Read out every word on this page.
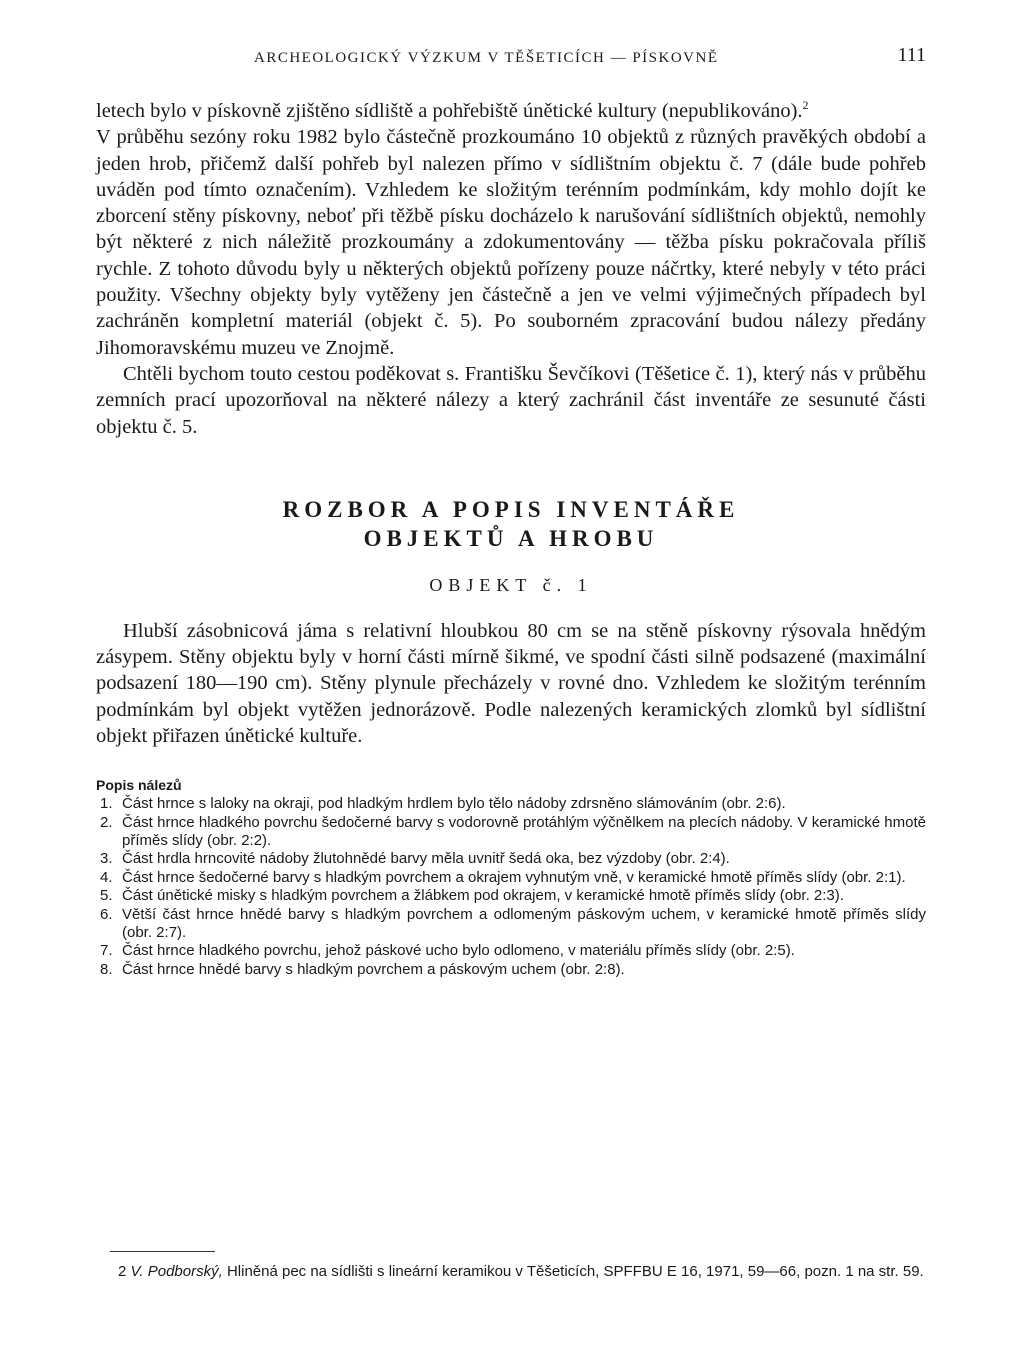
ARCHEOLOGICKÝ VÝZKUM V TĚŠETICÍCH — PÍSKOVNĚ	111

letech bylo v pískovně zjištěno sídliště a pohřebiště únětické kultury (nepublikováno).$^2$

V průběhu sezóny roku 1982 bylo částečně prozkoumáno 10 objektů z různých pravěkých období a jeden hrob, přičemž další pohřeb byl nalezen přímo v sídlištním objektu č. 7 (dále bude pohřeb uváděn pod tímto označením). Vzhledem ke složitým terénním podmínkám, kdy mohlo dojít ke zborcení stěny pískovny, neboť při těžbě písku docházelo k narušování sídlištních objektů, nemohly být některé z nich náležitě prozkoumány a zdokumentovány — těžba písku pokračovala příliš rychle. Z tohoto důvodu byly u některých objektů pořízeny pouze náčrtky, které nebyly v této práci použity. Všechny objekty byly vytěženy jen částečně a jen ve velmi výjimečných případech byl zachráněn kompletní materiál (objekt č. 5). Po souborném zpracování budou nálezy předány Jihomoravskému muzeu ve Znojmě.

Chtěli bychom touto cestou poděkovat s. Františku Ševčíkovi (Těšetice č. 1), který nás v průběhu zemních prací upozorňoval na některé nálezy a který zachránil část inventáře ze sesunuté části objektu č. 5.

ROZBOR A POPIS INVENTÁŘE
OBJEKTŮ A HROBU
OBJEKT č. 1

Hlubší zásobnicová jáma s relativní hloubkou 80 cm se na stěně pískovny rýsovala hnědým zásypem. Stěny objektu byly v horní části mírně šikmé, ve spodní části silně podsazené (maximální podsazení 180—190 cm). Stěny plynule přecházely v rovné dno. Vzhledem ke složitým terénním podmínkám byl objekt vytěžen jednorázově. Podle nalezených keramických zlomků byl sídlištní objekt přiřazen únětické kultuře.

Popis nálezů
1. Část hrnce s laloky na okraji, pod hladkým hrdlem bylo tělo nádoby zdrsněno slámováním (obr. 2:6).
2. Část hrnce hladkého povrchu šedočerné barvy s vodorovně protáhlým výčnělkem na plecích nádoby. V keramické hmotě příměs slídy (obr. 2:2).
3. Část hrdla hrncovité nádoby žlutohnědé barvy měla uvnitř šedá oka, bez výzdoby (obr. 2:4).
4. Část hrnce šedočerné barvy s hladkým povrchem a okrajem vyhnutým vně, v keramické hmotě příměs slídy (obr. 2:1).
5. Část únětické misky s hladkým povrchem a žlábkem pod okrajem, v keramické hmotě příměs slídy (obr. 2:3).
6. Větší část hrnce hnědé barvy s hladkým povrchem a odlomeným páskovým uchem, v keramické hmotě příměs slídy (obr. 2:7).
7. Část hrnce hladkého povrchu, jehož páskové ucho bylo odlomeno, v materiálu příměs slídy (obr. 2:5).
8. Část hrnce hnědé barvy s hladkým povrchem a páskovým uchem (obr. 2:8).

2 V. Podborský, Hliněná pec na sídlišti s lineární keramikou v Těšeticích, SPFFBU E 16, 1971, 59—66, pozn. 1 na str. 59.
